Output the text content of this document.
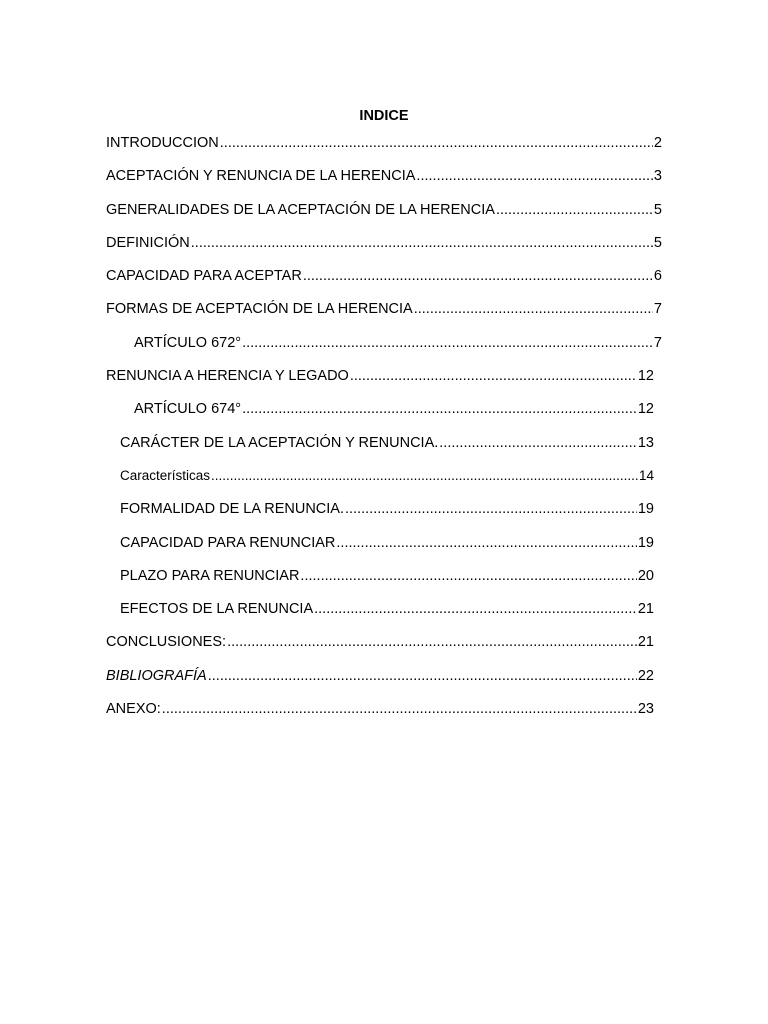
INDICE
INTRODUCCION .....	2
ACEPTACIÓN Y RENUNCIA DE LA HERENCIA .....	3
GENERALIDADES DE LA ACEPTACIÓN DE LA HERENCIA .....	5
DEFINICIÓN .....	5
CAPACIDAD PARA ACEPTAR .....	6
FORMAS DE ACEPTACIÓN DE LA HERENCIA .....	7
ARTÍCULO 672° .....	7
RENUNCIA A HERENCIA Y LEGADO .....	12
ARTÍCULO 674° .....	12
CARÁCTER DE LA ACEPTACIÓN Y RENUNCIA. .....	13
Características .....	14
FORMALIDAD DE LA RENUNCIA. .....	19
CAPACIDAD PARA RENUNCIAR .....	19
PLAZO PARA RENUNCIAR .....	20
EFECTOS DE LA RENUNCIA .....	21
CONCLUSIONES: .....	21
BIBLIOGRAFÍA .....	22
ANEXO: .....	23
